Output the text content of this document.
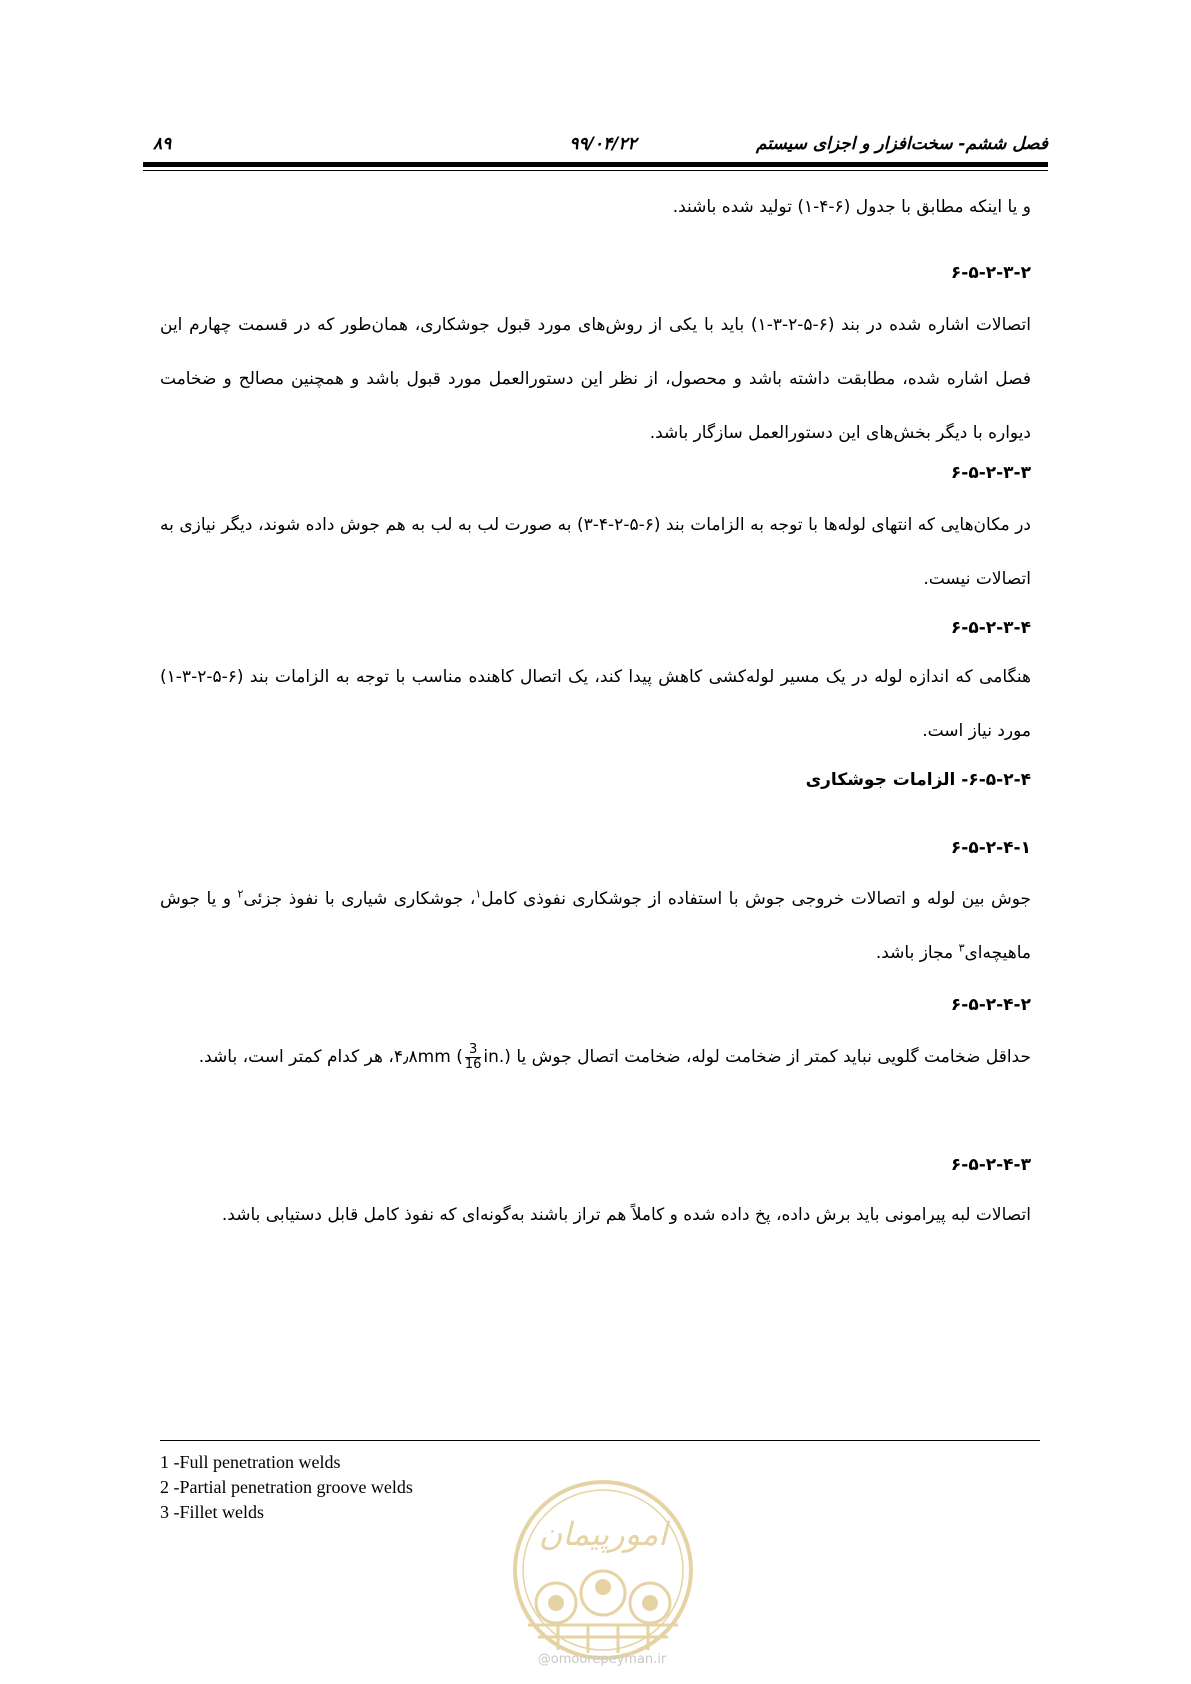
فصل ششم- سخت‌افزار و اجزای سیستم
۹۹/۰۴/۲۲
۸۹
و یا اینکه مطابق با جدول (۶-۴-۱) تولید شده باشند.
۶-۵-۲-۳-۲
اتصالات اشاره شده در بند (۶-۵-۲-۳-۱) باید با یکی از روش‌های مورد قبول جوشکاری، همان‌طور که در قسمت چهارم این فصل اشاره شده، مطابقت داشته باشد و محصول، از نظر این دستورالعمل مورد قبول باشد و همچنین مصالح و ضخامت دیواره با دیگر بخش‌های این دستورالعمل سازگار باشد.
۶-۵-۲-۳-۳
در مکان‌هایی که انتهای لوله‌ها با توجه به الزامات بند (۶-۵-۲-۴-۳) به صورت لب به لب به هم جوش داده شوند، دیگر نیازی به اتصالات نیست.
۶-۵-۲-۳-۴
هنگامی که اندازه لوله در یک مسیر لوله‌کشی کاهش پیدا کند، یک اتصال کاهنده مناسب با توجه به الزامات بند (۶-۵-۲-۳-۱) مورد نیاز است.
۶-۵-۲-۴- الزامات جوشکاری
۶-۵-۲-۴-۱
جوش بین لوله و اتصالات خروجی جوش با استفاده از جوشکاری نفوذی کامل$^۱$، جوشکاری شیاری با نفوذ جزئی$^۲$ و یا جوش ماهیچه‌ای$^۳$ مجاز باشد.
۶-۵-۲-۴-۲
حداقل ضخامت گلویی نباید کمتر از ضخامت لوله، ضخامت اتصال جوش یا ۴٫۸mm (
$\frac{3}{16}$ in.)، هر کدام کمتر است، باشد.
۶-۵-۲-۴-۳
اتصالات لبه پیرامونی باید برش داده، پخ داده شده و کاملاً هم تراز باشند به‌گونه‌ای که نفوذ کامل قابل دستیابی باشد.
1 -Full penetration welds
2 -Partial penetration groove welds
3 -Fillet welds
امورپیمان
@omoorepeyman.ir
